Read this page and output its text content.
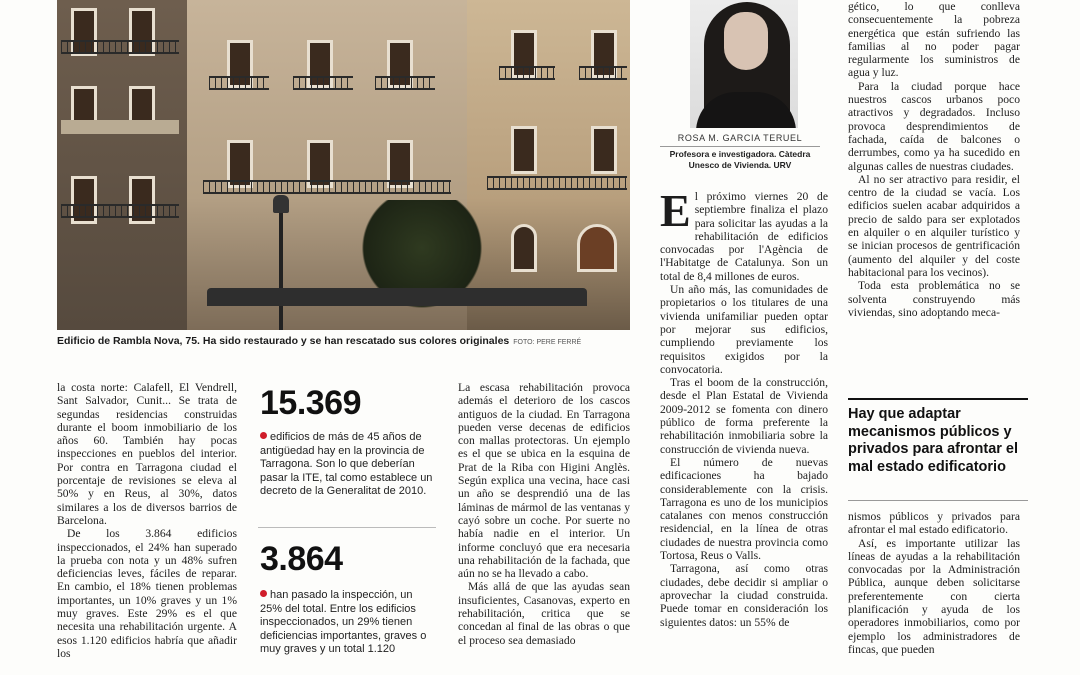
Edificio de Rambla Nova, 75. Ha sido restaurado y se han rescatado sus colores originales FOTO: PERE FERRÉ
ROSA M. GARCIA TERUEL
Profesora e investigadora. Càtedra Unesco de Vivienda. URV

la costa norte: Calafell, El Vendrell, Sant Salvador, Cunit... Se trata de segundas residencias construidas durante el boom inmobiliario de los años 60. También hay pocas inspecciones en pueblos del interior. Por contra en Tarragona ciudad el porcentaje de revisiones se eleva al 50% y en Reus, al 30%, datos similares a los de diversos barrios de Barcelona.

De los 3.864 edificios inspeccionados, el 24% han superado la prueba con nota y un 48% sufren deficiencias leves, fáciles de reparar. En cambio, el 18% tienen problemas importantes, un 10% graves y un 1% muy graves. Este 29% es el que necesita una rehabilitación urgente. A esos 1.120 edificios habría que añadir los

15.369
edificios de más de 45 años de antigüedad hay en la provincia de Tarragona. Son lo que deberían pasar la ITE, tal como establece un decreto de la Generalitat de 2010.
3.864
han pasado la inspección, un 25% del total. Entre los edificios inspeccionados, un 29% tienen deficiencias importantes, graves o muy graves y un total 1.120

La escasa rehabilitación provoca además el deterioro de los cascos antiguos de la ciudad. En Tarragona pueden verse decenas de edificios con mallas protectoras. Un ejemplo es el que se ubica en la esquina de Prat de la Riba con Higini Anglès. Según explica una vecina, hace casi un año se desprendió una de las láminas de mármol de las ventanas y cayó sobre un coche. Por suerte no había nadie en el interior. Un informe concluyó que era necesaria una rehabilitación de la fachada, que aún no se ha llevado a cabo.

Más allá de que las ayudas sean insuficientes, Casanovas, experto en rehabilitación, critica que se concedan al final de las obras o que el proceso sea demasiado

El próximo viernes 20 de septiembre finaliza el plazo para solicitar las ayudas a la rehabilitación de edificios convocadas por l'Agència de l'Habitatge de Catalunya. Son un total de 8,4 millones de euros.

Un año más, las comunidades de propietarios o los titulares de una vivienda unifamiliar pueden optar por mejorar sus edificios, cumpliendo previamente los requisitos exigidos por la convocatoria.

Tras el boom de la construcción, desde el Plan Estatal de Vivienda 2009-2012 se fomenta con dinero público de forma preferente la rehabilitación inmobiliaria sobre la construcción de vivienda nueva.

El número de nuevas edificaciones ha bajado considerablemente con la crisis. Tarragona es uno de los municipios catalanes con menos construcción residencial, en la línea de otras ciudades de nuestra provincia como Tortosa, Reus o Valls.

Tarragona, así como otras ciudades, debe decidir si ampliar o aprovechar la ciudad construida. Puede tomar en consideración los siguientes datos: un 55% de

gético, lo que conlleva consecuentemente la pobreza energética que están sufriendo las familias al no poder pagar regularmente los suministros de agua y luz.

Para la ciudad porque hace nuestros cascos urbanos poco atractivos y degradados. Incluso provoca desprendimientos de fachada, caída de balcones o derrumbes, como ya ha sucedido en algunas calles de nuestras ciudades.

Al no ser atractivo para residir, el centro de la ciudad se vacía. Los edificios suelen acabar adquiridos a precio de saldo para ser explotados en alquiler o en alquiler turístico y se inician procesos de gentrificación (aumento del alquiler y del coste habitacional para los vecinos).

Toda esta problemática no se solventa construyendo más viviendas, sino adoptando meca-

Hay que adaptar mecanismos públicos y privados para afrontar el mal estado edificatorio

nismos públicos y privados para afrontar el mal estado edificatorio.

Así, es importante utilizar las líneas de ayudas a la rehabilitación convocadas por la Administración Pública, aunque deben solicitarse preferentemente con cierta planificación y ayuda de los operadores inmobiliarios, como por ejemplo los administradores de fincas, que pueden
